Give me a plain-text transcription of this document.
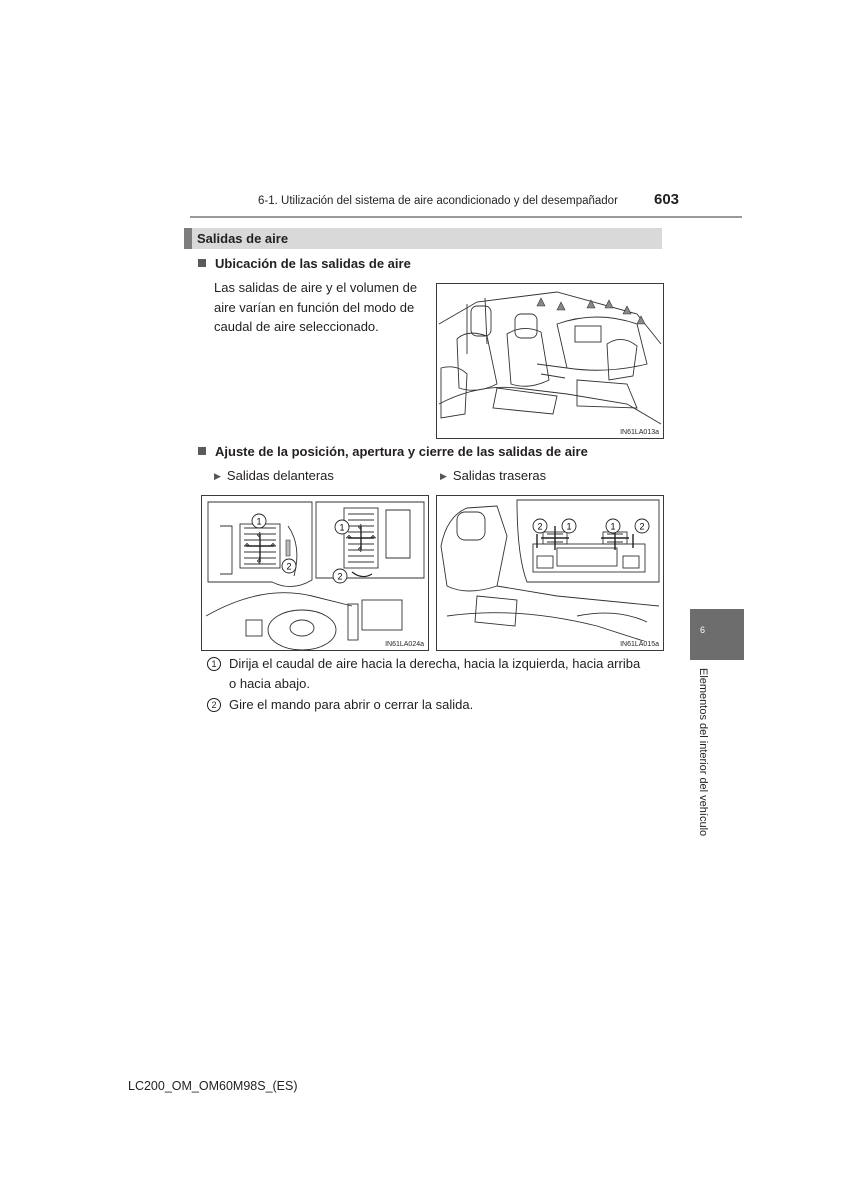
6-1. Utilización del sistema de aire acondicionado y del desempañador 603
Salidas de aire
Ubicación de las salidas de aire
Las salidas de aire y el volumen de
aire varían en función del modo de
caudal de aire seleccionado.
IN61LA013a
Ajuste de la posición, apertura y cierre de las salidas de aire
▶ Salidas delanteras	▶ Salidas traseras
1
2
1
2
IN61LA024a
2	1	1	2
IN61LA015a
1 Dirija el caudal de aire hacia la derecha, hacia la izquierda, hacia arriba
o hacia abajo.
2 Gire el mando para abrir o cerrar la salida.
6
Elementos del interior del vehículo
LC200_OM_OM60M98S_(ES)
